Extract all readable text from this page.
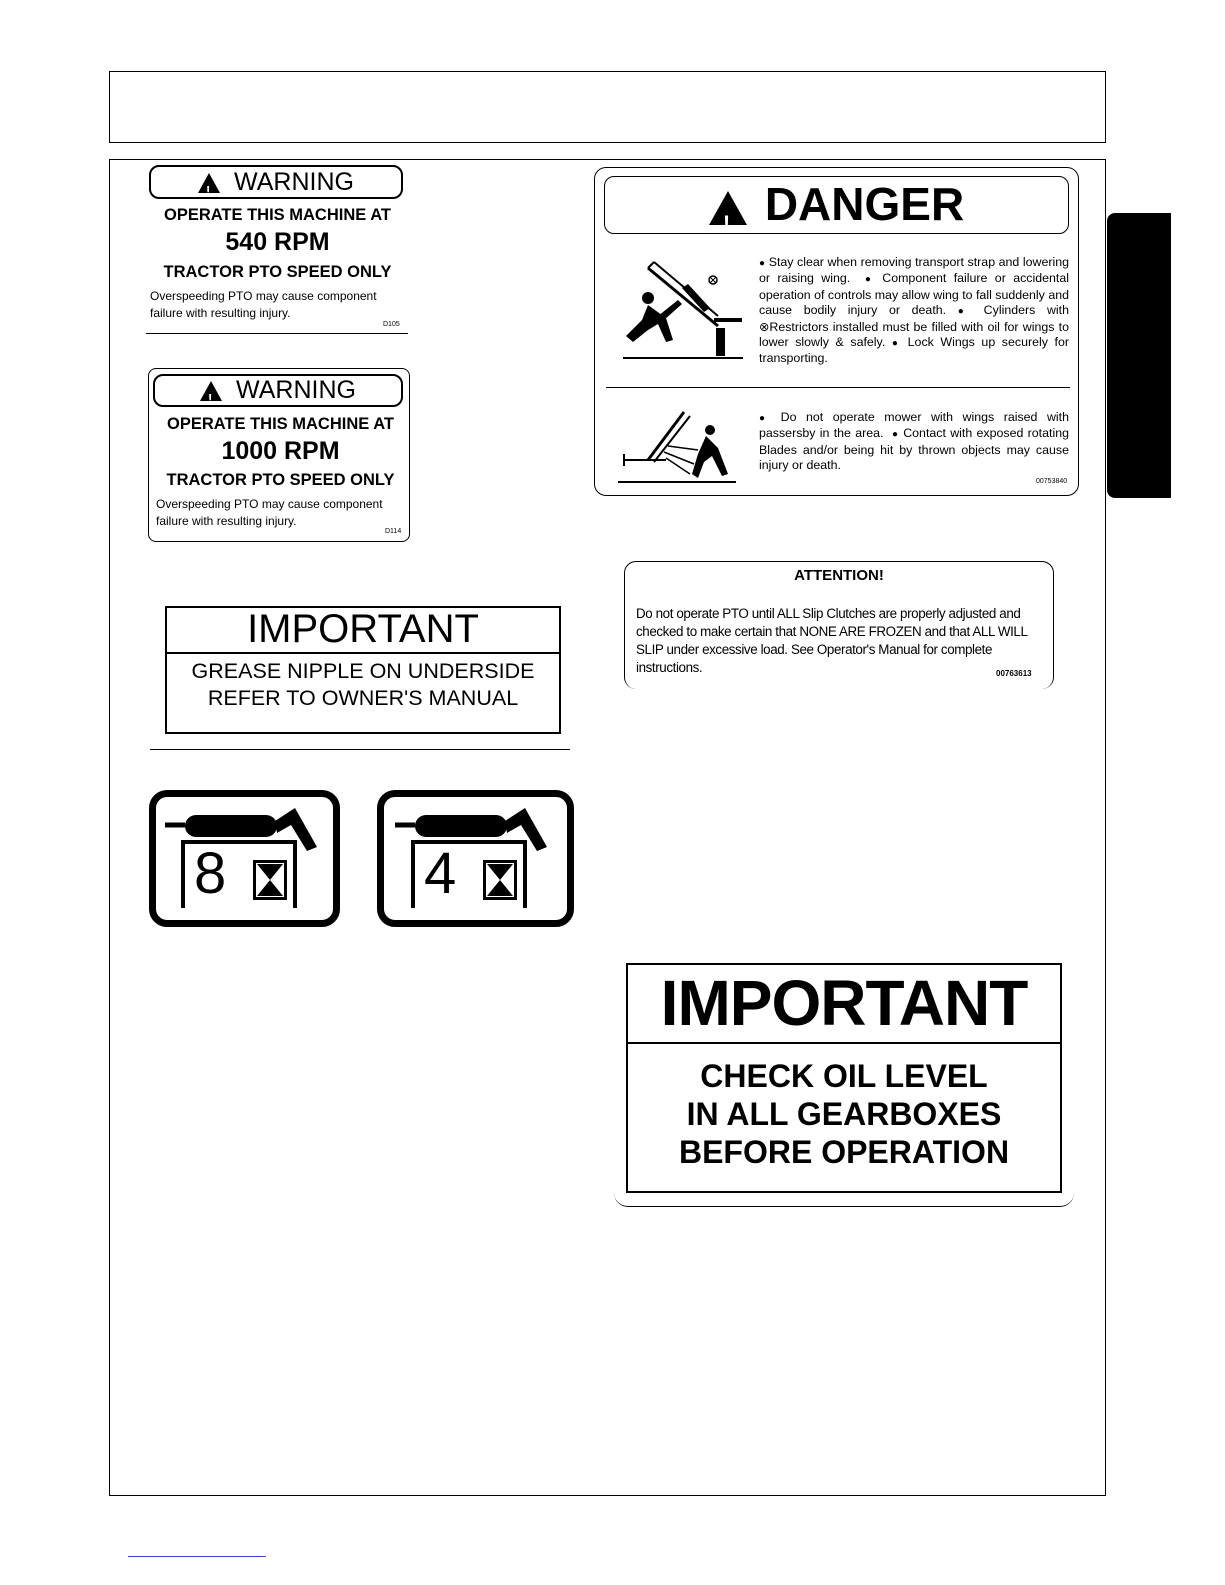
!WARNING
OPERATE THIS MACHINE AT
540 RPM
TRACTOR PTO SPEED ONLY
Overspeeding PTO may cause component
failure with resulting injury.
D105
!WARNING
OPERATE THIS MACHINE AT
1000 RPM
TRACTOR PTO SPEED ONLY
Overspeeding PTO may cause component
failure with resulting injury.
D114
!DANGER
● Stay clear when removing transport strap and lowering or raising wing. ● Component failure or accidental operation of controls may allow wing to fall suddenly and cause bodily injury or death. ● Cylinders with ⊗Restrictors installed must be filled with oil for wings to lower slowly & safely. ● Lock Wings up securely for transporting.
● Do not operate mower with wings raised with passersby in the area. ● Contact with exposed rotating Blades and/or being hit by thrown objects may cause injury or death.
00753840
ATTENTION!
Do not operate PTO until ALL Slip Clutches are properly adjusted and checked to make certain that NONE ARE FROZEN and that ALL WILL SLIP under excessive load. See Operator's Manual for complete instructions.	00763613
IMPORTANT
GREASE NIPPLE ON UNDERSIDE
REFER TO OWNER'S MANUAL
8	4
IMPORTANT
CHECK OIL LEVEL
IN ALL GEARBOXES
BEFORE OPERATION
